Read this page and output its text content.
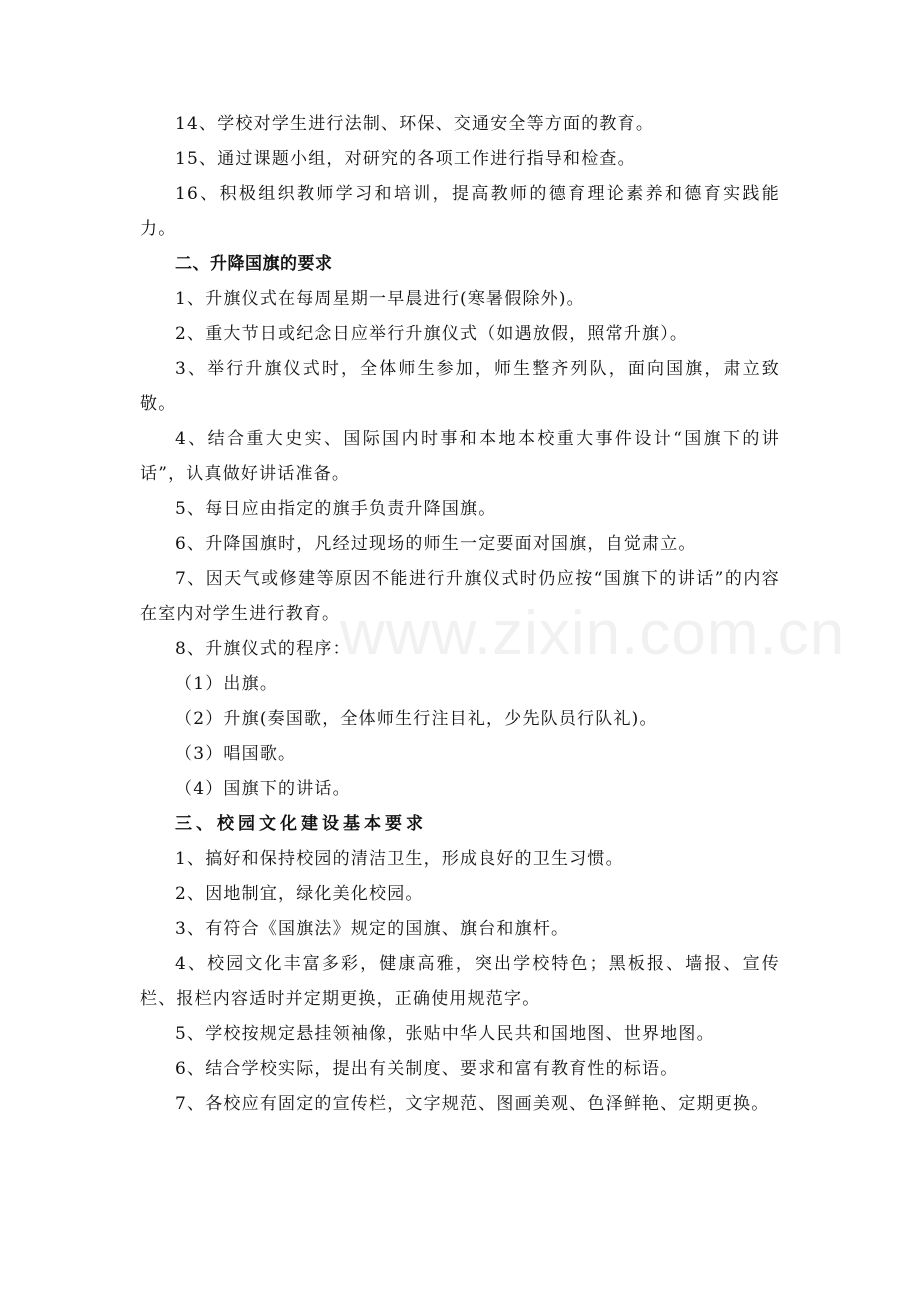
www.zixin.com.cn

14、学校对学生进行法制、环保、交通安全等方面的教育。

15、通过课题小组，对研究的各项工作进行指导和检查。

16、积极组织教师学习和培训，提高教师的德育理论素养和德育实践能力。

二、升降国旗的要求

1、升旗仪式在每周星期一早晨进行(寒暑假除外)。

2、重大节日或纪念日应举行升旗仪式（如遇放假，照常升旗）。

3、举行升旗仪式时，全体师生参加，师生整齐列队，面向国旗，肃立致敬。

4、结合重大史实、国际国内时事和本地本校重大事件设计“国旗下的讲话”，认真做好讲话准备。

5、每日应由指定的旗手负责升降国旗。

6、升降国旗时，凡经过现场的师生一定要面对国旗，自觉肃立。

7、因天气或修建等原因不能进行升旗仪式时仍应按“国旗下的讲话”的内容在室内对学生进行教育。

8、升旗仪式的程序：

（1）出旗。

（2）升旗(奏国歌，全体师生行注目礼，少先队员行队礼)。

（3）唱国歌。

（4）国旗下的讲话。

三、校园文化建设基本要求

1、搞好和保持校园的清洁卫生，形成良好的卫生习惯。

2、因地制宜，绿化美化校园。

3、有符合《国旗法》规定的国旗、旗台和旗杆。

4、校园文化丰富多彩，健康高雅，突出学校特色；黑板报、墙报、宣传栏、报栏内容适时并定期更换，正确使用规范字。

5、学校按规定悬挂领袖像，张贴中华人民共和国地图、世界地图。

6、结合学校实际，提出有关制度、要求和富有教育性的标语。

7、各校应有固定的宣传栏，文字规范、图画美观、色泽鲜艳、定期更换。
